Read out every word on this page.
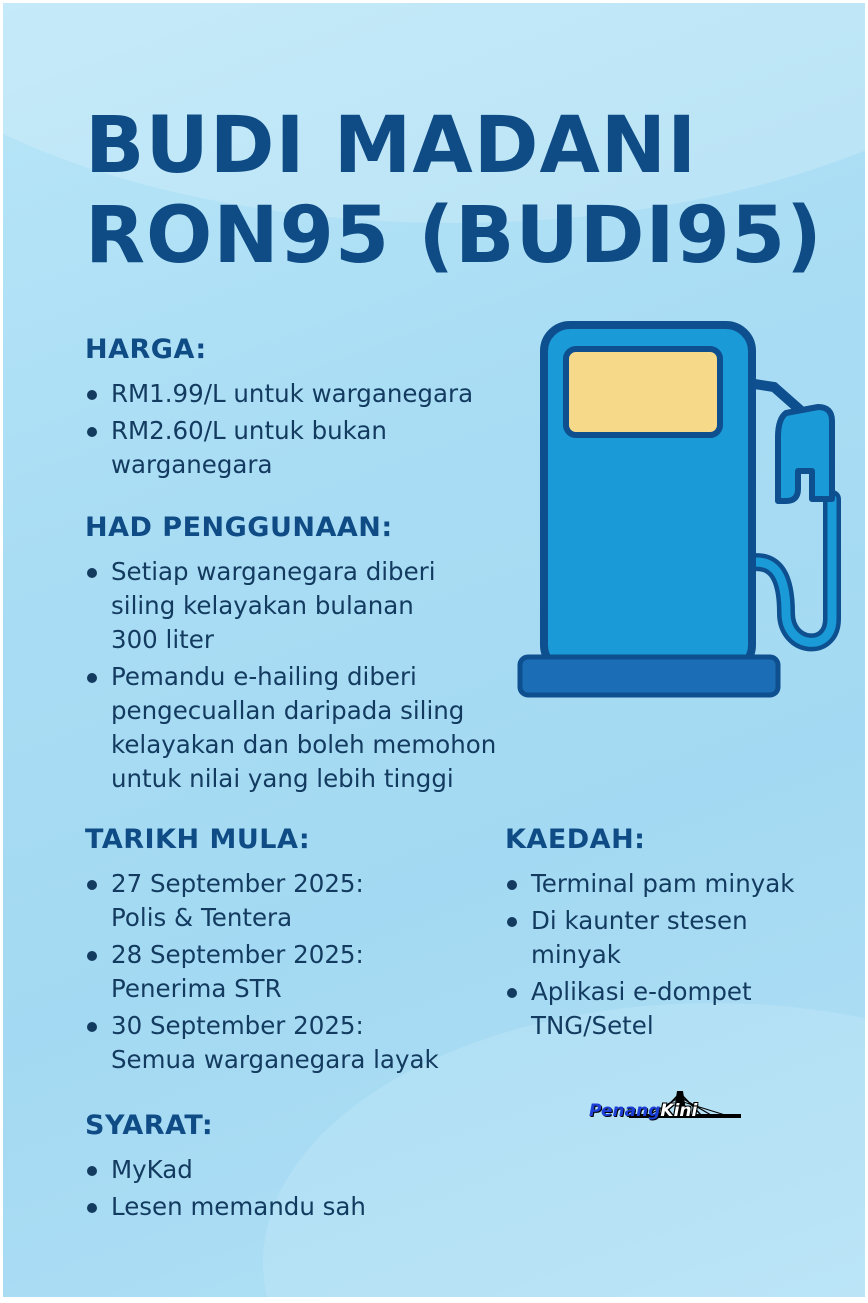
BUDI MADANI
RON95 (BUDI95)
HARGA:
RM1.99/L untuk warganegara
RM2.60/L untuk bukan
warganegara
HAD PENGGUNAAN:
Setiap warganegara diberi
siling kelayakan bulanan
300 liter
Pemandu e-hailing diberi
pengecuallan daripada siling
kelayakan dan boleh memohon
untuk nilai yang lebih tinggi
TARIKH MULA:
27 September 2025:
Polis & Tentera
28 September 2025:
Penerima STR
30 September 2025:
Semua warganegara layak
KAEDAH:
Terminal pam minyak
Di kaunter stesen
minyak
Aplikasi e-dompet
TNG/Setel
SYARAT:
MyKad
Lesen memandu sah
PenangKini
